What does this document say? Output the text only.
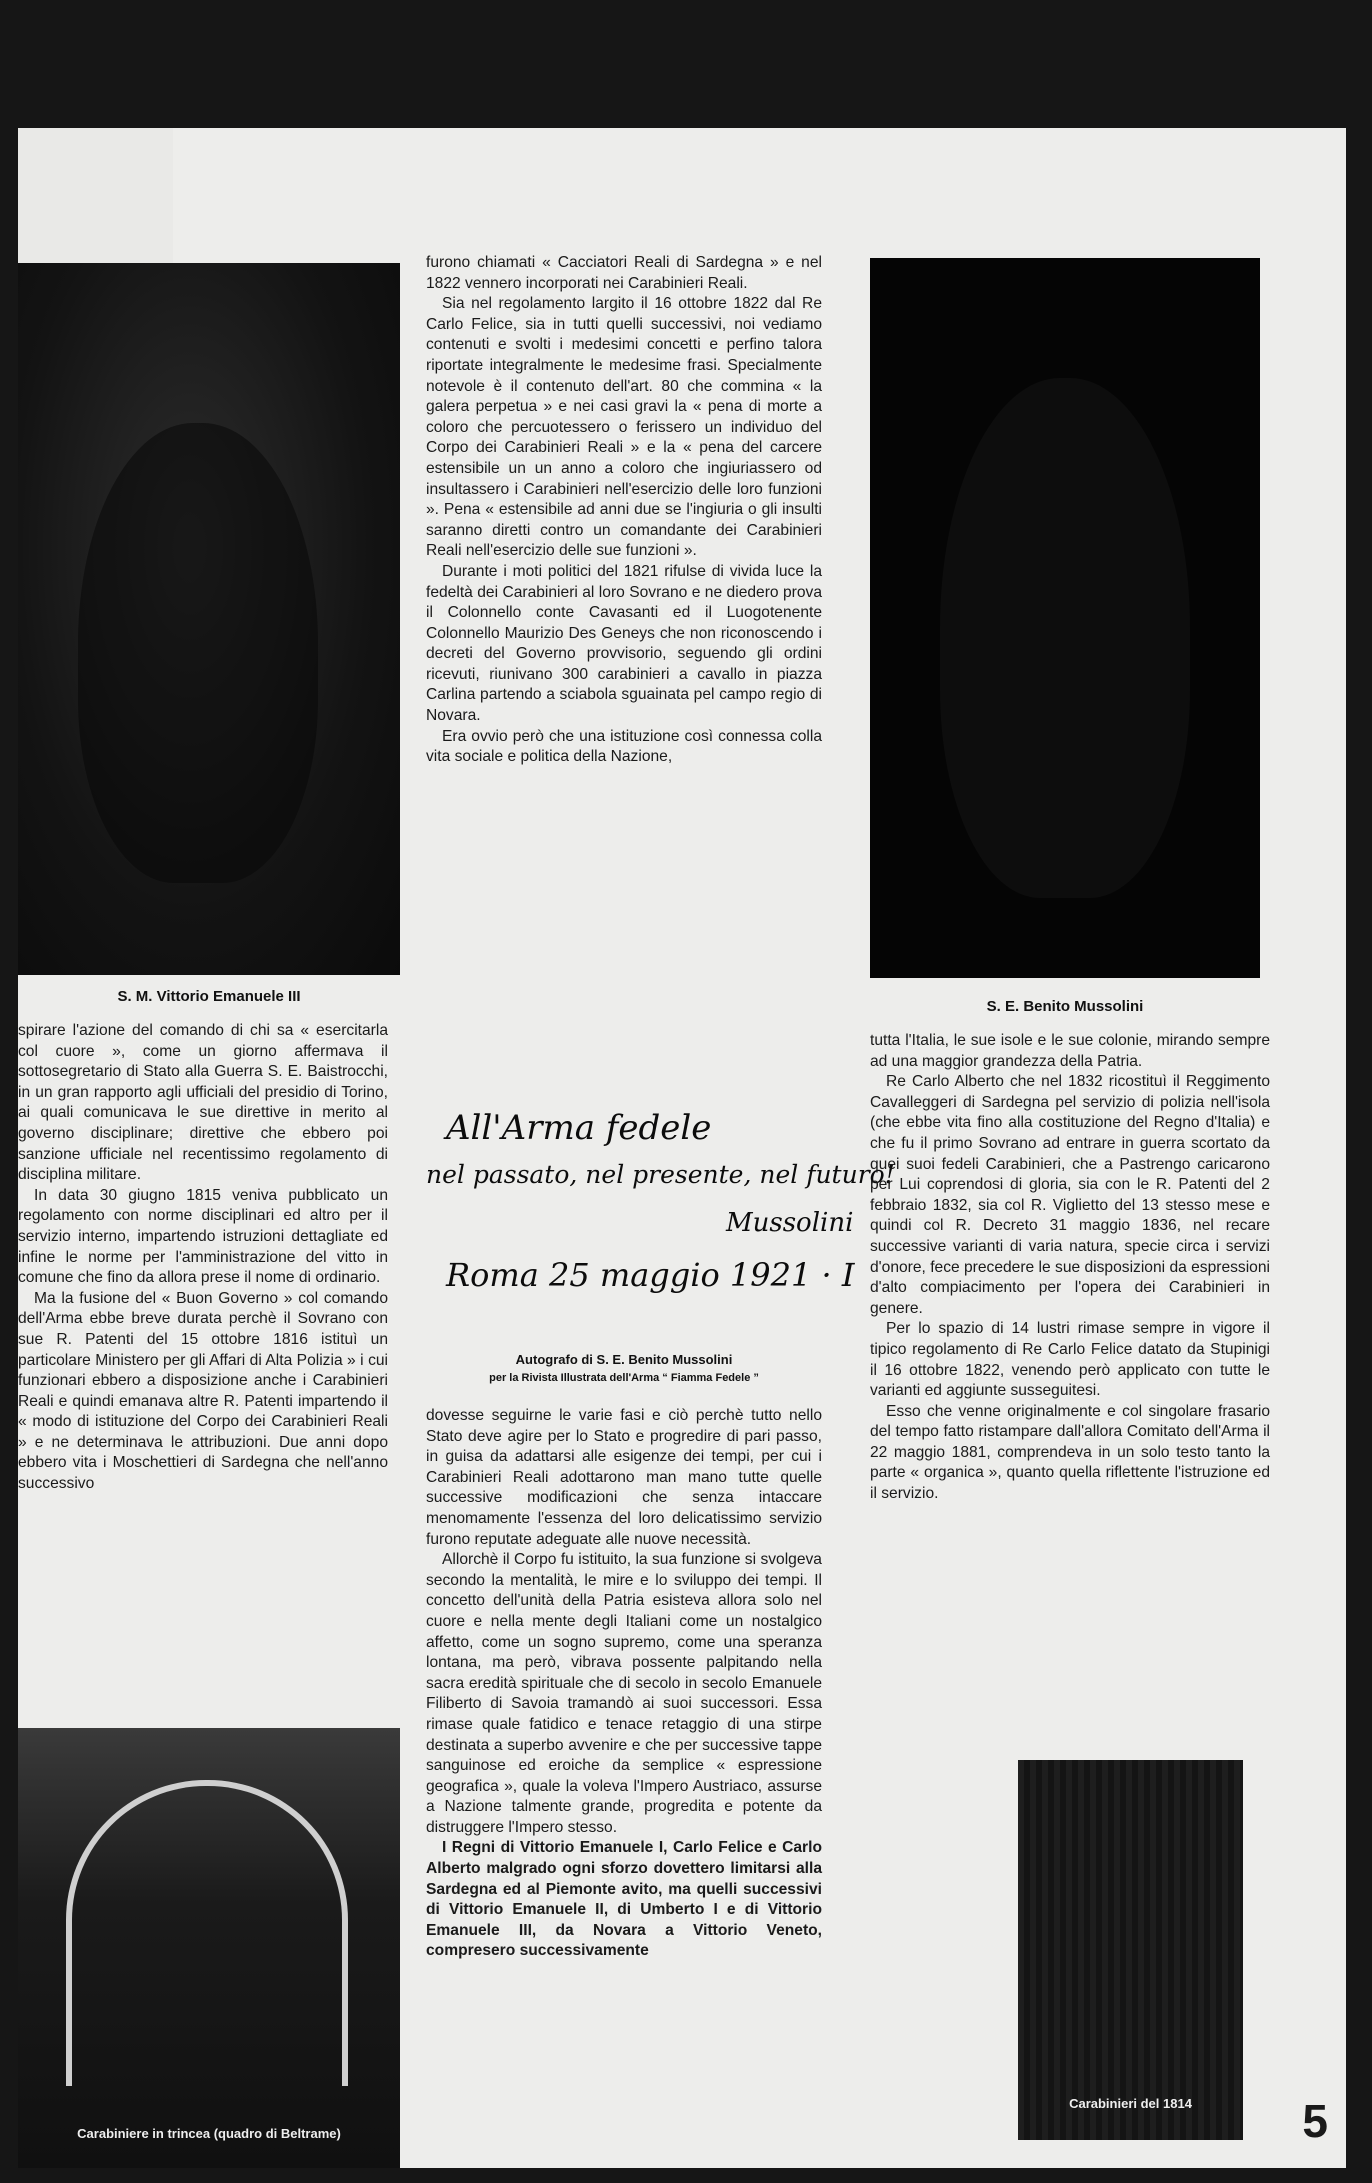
S. M. Vittorio Emanuele III

spirare l'azione del comando di chi sa « esercitarla col cuore », come un giorno affermava il sottosegretario di Stato alla Guerra S. E. Baistrocchi, in un gran rapporto agli ufficiali del presidio di Torino, ai quali comunicava le sue direttive in merito al governo disciplinare; direttive che ebbero poi sanzione ufficiale nel recentissimo regolamento di disciplina militare.

In data 30 giugno 1815 veniva pubblicato un regolamento con norme disciplinari ed altro per il servizio interno, impartendo istruzioni dettagliate ed infine le norme per l'amministrazione del vitto in comune che fino da allora prese il nome di ordinario.

Ma la fusione del « Buon Governo » col comando dell'Arma ebbe breve durata perchè il Sovrano con sue R. Patenti del 15 ottobre 1816 istituì un particolare Ministero per gli Affari di Alta Polizia » i cui funzionari ebbero a disposizione anche i Carabinieri Reali e quindi emanava altre R. Patenti impartendo il « modo di istituzione del Corpo dei Carabinieri Reali » e ne determinava le attribuzioni. Due anni dopo ebbero vita i Moschettieri di Sardegna che nell'anno successivo

Carabiniere in trincea (quadro di Beltrame)

furono chiamati « Cacciatori Reali di Sardegna » e nel 1822 vennero incorporati nei Carabinieri Reali.

Sia nel regolamento largito il 16 ottobre 1822 dal Re Carlo Felice, sia in tutti quelli successivi, noi vediamo contenuti e svolti i medesimi concetti e perfino talora riportate integralmente le medesime frasi. Specialmente notevole è il contenuto dell'art. 80 che commina « la galera perpetua » e nei casi gravi la « pena di morte a coloro che percuotessero o ferissero un individuo del Corpo dei Carabinieri Reali » e la « pena del carcere estensibile un un anno a coloro che ingiuriassero od insultassero i Carabinieri nell'esercizio delle loro funzioni ». Pena « estensibile ad anni due se l'ingiuria o gli insulti saranno diretti contro un comandante dei Carabinieri Reali nell'esercizio delle sue funzioni ».

Durante i moti politici del 1821 rifulse di vivida luce la fedeltà dei Carabinieri al loro Sovrano e ne diedero prova il Colonnello conte Cavasanti ed il Luogotenente Colonnello Maurizio Des Geneys che non riconoscendo i decreti del Governo provvisorio, seguendo gli ordini ricevuti, riunivano 300 carabinieri a cavallo in piazza Carlina partendo a sciabola sguainata pel campo regio di Novara.

Era ovvio però che una istituzione così connessa colla vita sociale e politica della Nazione,

All'Arma fedele
nel passato, nel presente, nel futuro!
Mussolini
Roma 25 maggio 1921 · I
Autografo di S. E. Benito Mussolini
per la Rivista Illustrata dell'Arma “ Fiamma Fedele ”

dovesse seguirne le varie fasi e ciò perchè tutto nello Stato deve agire per lo Stato e progredire di pari passo, in guisa da adattarsi alle esigenze dei tempi, per cui i Carabinieri Reali adottarono man mano tutte quelle successive modificazioni che senza intaccare menomamente l'essenza del loro delicatissimo servizio furono reputate adeguate alle nuove necessità.

Allorchè il Corpo fu istituito, la sua funzione si svolgeva secondo la mentalità, le mire e lo sviluppo dei tempi. Il concetto dell'unità della Patria esisteva allora solo nel cuore e nella mente degli Italiani come un nostalgico affetto, come un sogno supremo, come una speranza lontana, ma però, vibrava possente palpitando nella sacra eredità spirituale che di secolo in secolo Emanuele Filiberto di Savoia tramandò ai suoi successori. Essa rimase quale fatidico e tenace retaggio di una stirpe destinata a superbo avvenire e che per successive tappe sanguinose ed eroiche da semplice « espressione geografica », quale la voleva l'Impero Austriaco, assurse a Nazione talmente grande, progredita e potente da distruggere l'Impero stesso.

I Regni di Vittorio Emanuele I, Carlo Felice e Carlo Alberto malgrado ogni sforzo dovettero limitarsi alla Sardegna ed al Piemonte avito, ma quelli successivi di Vittorio Emanuele II, di Umberto I e di Vittorio Emanuele III, da Novara a Vittorio Veneto, compresero successivamente

S. E. Benito Mussolini

tutta l'Italia, le sue isole e le sue colonie, mirando sempre ad una maggior grandezza della Patria.

Re Carlo Alberto che nel 1832 ricostituì il Reggimento Cavalleggeri di Sardegna pel servizio di polizia nell'isola (che ebbe vita fino alla costituzione del Regno d'Italia) e che fu il primo Sovrano ad entrare in guerra scortato da quei suoi fedeli Carabinieri, che a Pastrengo caricarono per Lui coprendosi di gloria, sia con le R. Patenti del 2 febbraio 1832, sia col R. Viglietto del 13 stesso mese e quindi col R. Decreto 31 maggio 1836, nel recare successive varianti di varia natura, specie circa i servizi d'onore, fece precedere le sue disposizioni da espressioni d'alto compiacimento per l'opera dei Carabinieri in genere.

Per lo spazio di 14 lustri rimase sempre in vigore il tipico regolamento di Re Carlo Felice datato da Stupinigi il 16 ottobre 1822, venendo però applicato con tutte le varianti ed aggiunte susseguitesi.

Esso che venne originalmente e col singolare frasario del tempo fatto ristampare dall'allora Comitato dell'Arma il 22 maggio 1881, comprendeva in un solo testo tanto la parte « organica », quanto quella riflettente l'istruzione ed il servizio.

Carabinieri del 1814	5
